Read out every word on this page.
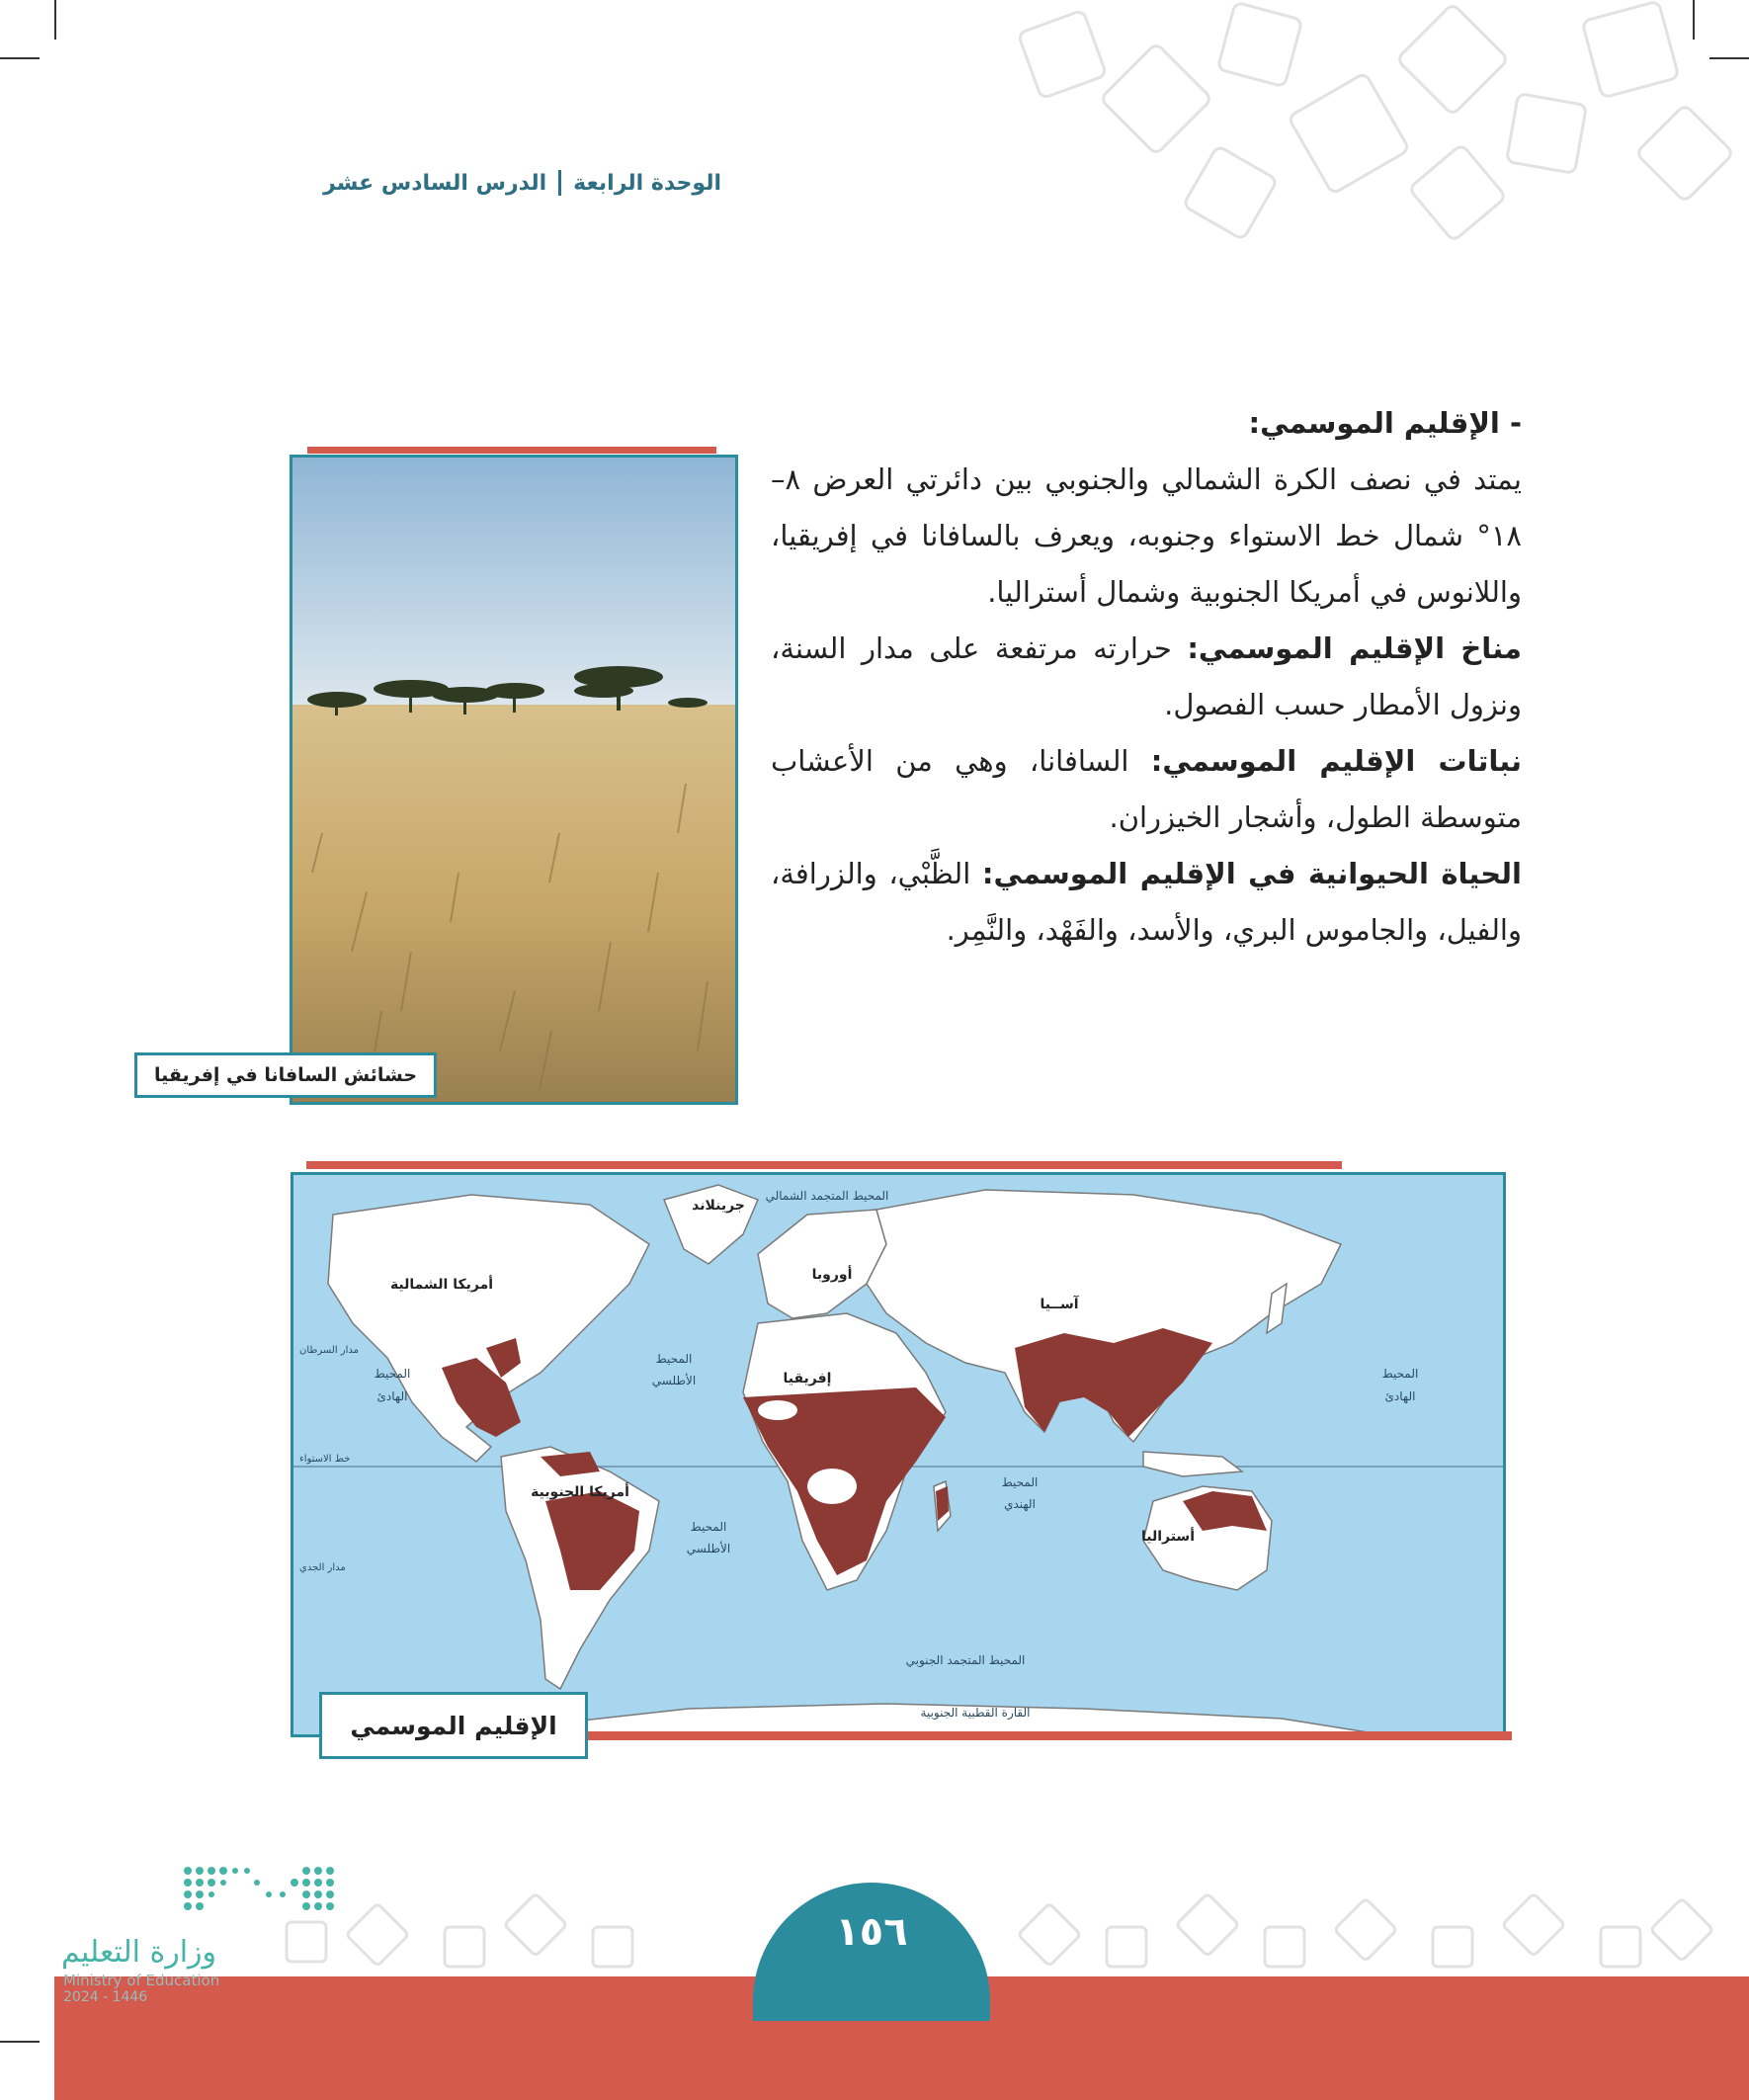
الوحدة الرابعة
الدرس السادس عشر

- الإقليم الموسمي:

يمتد في نصف الكرة الشمالي والجنوبي بين دائرتي العرض ٨–١٨° شمال خط الاستواء وجنوبه، ويعرف بالسافانا في إفريقيا، واللانوس في أمريكا الجنوبية وشمال أستراليا.

مناخ الإقليم الموسمي: حرارته مرتفعة على مدار السنة، ونزول الأمطار حسب الفصول.

نباتات الإقليم الموسمي: السافانا، وهي من الأعشاب متوسطة الطول، وأشجار الخيزران.

الحياة الحيوانية في الإقليم الموسمي: الظَّبْي، والزرافة، والفيل، والجاموس البري، والأسد، والفَهْد، والنَّمِر.

حشائش السافانا في إفريقيا
جرينلاند
أمريكا الشمالية
أوروبا
آســيا
إفريقيا
أمريكا الجنوبية
أستراليا
المحيط المتجمد الشمالي
المحيط
الهادئ
المحيط
الهادئ
المحيط
الأطلسي
المحيط
الأطلسي
المحيط
الهندي
المحيط المتجمد الجنوبي
القارة القطبية الجنوبية
مدار السرطان
خط الاستواء
مدار الجدي
الإقليم الموسمي
١٥٦
وزارة التعليم
Ministry of Education
2024 - 1446
